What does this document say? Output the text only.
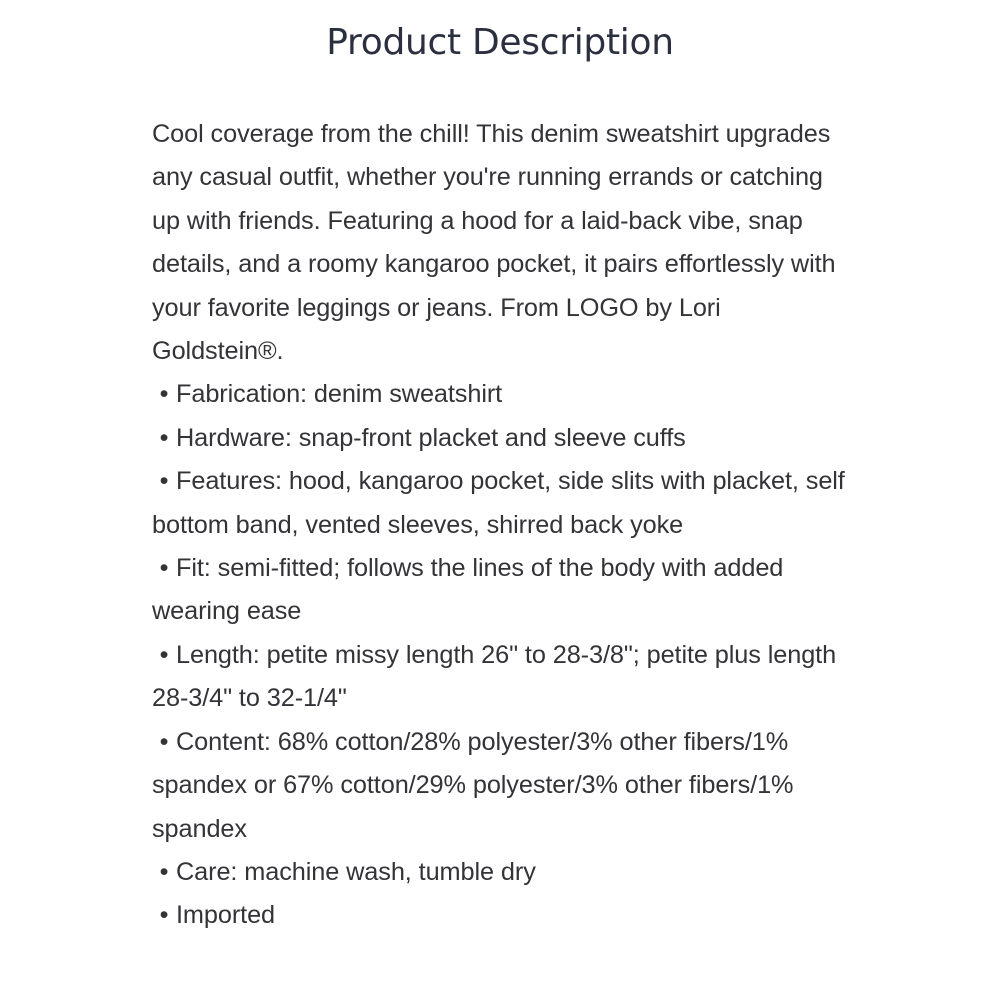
Product Description

Cool coverage from the chill! This denim sweatshirt upgrades any casual outfit, whether you're running errands or catching up with friends. Featuring a hood for a laid-back vibe, snap details, and a roomy kangaroo pocket, it pairs effortlessly with your favorite leggings or jeans. From LOGO by Lori Goldstein®.

• Fabrication: denim sweatshirt
• Hardware: snap-front placket and sleeve cuffs
• Features: hood, kangaroo pocket, side slits with placket, self bottom band, vented sleeves, shirred back yoke
• Fit: semi-fitted; follows the lines of the body with added wearing ease
• Length: petite missy length 26" to 28-3/8"; petite plus length 28-3/4" to 32-1/4"
• Content: 68% cotton/28% polyester/3% other fibers/1% spandex or 67% cotton/29% polyester/3% other fibers/1% spandex
• Care: machine wash, tumble dry
• Imported
